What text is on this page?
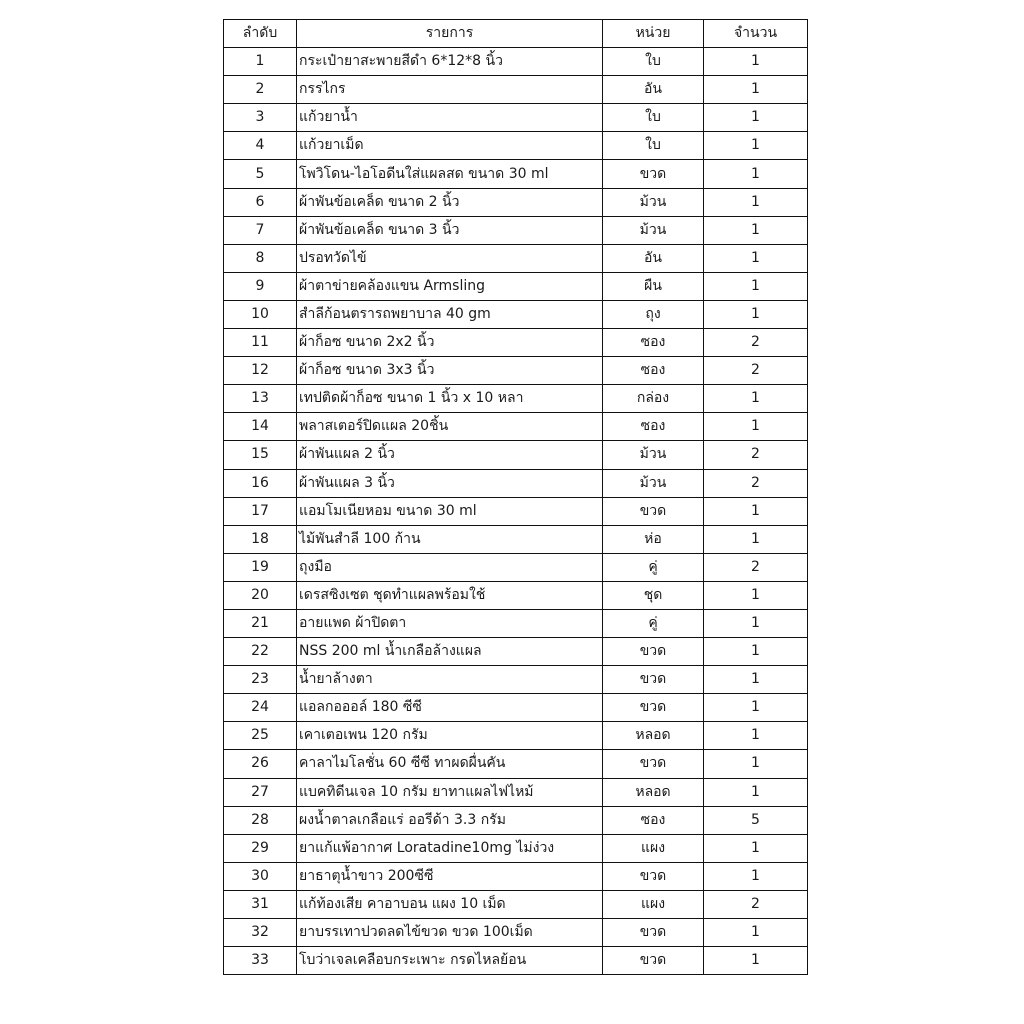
ลำดับ	รายการ	หน่วย	จำนวน
1	กระเป๋ายาสะพายสีดำ 6*12*8 นิ้ว	ใบ	1
2	กรรไกร	อัน	1
3	แก้วยาน้ำ	ใบ	1
4	แก้วยาเม็ด	ใบ	1
5	โพวิโดน-ไอโอดีนใส่แผลสด ขนาด 30 ml	ขวด	1
6	ผ้าพันข้อเคล็ด ขนาด 2 นิ้ว	ม้วน	1
7	ผ้าพันข้อเคล็ด ขนาด 3 นิ้ว	ม้วน	1
8	ปรอทวัดไข้	อัน	1
9	ผ้าตาข่ายคล้องแขน Armsling	ผืน	1
10	สำลีก้อนตรารถพยาบาล 40 gm	ถุง	1
11	ผ้าก็อซ ขนาด 2x2 นิ้ว	ซอง	2
12	ผ้าก็อซ ขนาด 3x3 นิ้ว	ซอง	2
13	เทปติดผ้าก็อซ ขนาด 1 นิ้ว x 10 หลา	กล่อง	1
14	พลาสเตอร์ปิดแผล 20ชิ้น	ซอง	1
15	ผ้าพันแผล 2 นิ้ว	ม้วน	2
16	ผ้าพันแผล 3 นิ้ว	ม้วน	2
17	แอมโมเนียหอม ขนาด 30 ml	ขวด	1
18	ไม้พันสำลี 100 ก้าน	ห่อ	1
19	ถุงมือ	คู่	2
20	เดรสซิงเซต ชุดทำแผลพร้อมใช้	ชุด	1
21	อายแพด ผ้าปิดตา	คู่	1
22	NSS 200 ml น้ำเกลือล้างแผล	ขวด	1
23	น้ำยาล้างตา	ขวด	1
24	แอลกอออล์ 180 ซีซี	ขวด	1
25	เคาเตอเพน 120 กรัม	หลอด	1
26	คาลาไมโลชั่น 60 ซีซี ทาผดผื่นคัน	ขวด	1
27	แบคทิดีนเจล 10 กรัม ยาทาแผลไฟไหม้	หลอด	1
28	ผงน้ำตาลเกลือแร่ ออรีด้า 3.3 กรัม	ซอง	5
29	ยาแก้แพ้อากาศ Loratadine10mg ไม่ง่วง	แผง	1
30	ยาธาตุน้ำขาว 200ซีซี	ขวด	1
31	แก้ท้องเสีย คาอาบอน แผง 10 เม็ด	แผง	2
32	ยาบรรเทาปวดลดไข้ขวด ขวด 100เม็ด	ขวด	1
33	โบว่าเจลเคลือบกระเพาะ กรดไหลย้อน	ขวด	1
